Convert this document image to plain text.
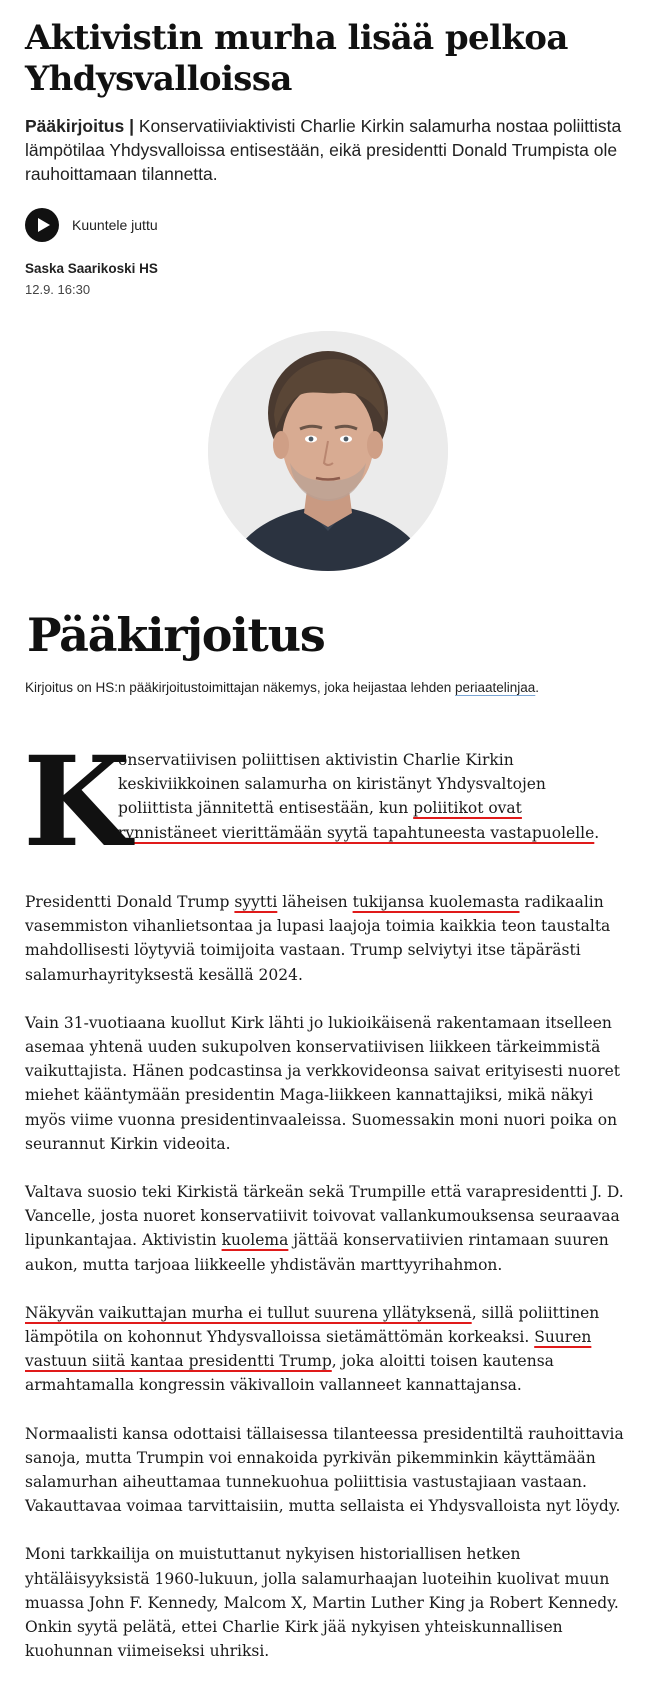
Aktivistin murha lisää pelkoa Yhdysvalloissa

Pääkirjoitus | Konservatiiviaktivisti Charlie Kirkin salamurha nostaa poliittista lämpötilaa Yhdysvalloissa entisestään, eikä presidentti Donald Trumpista ole rauhoittamaan tilannetta.

Kuuntele juttu
Saska Saarikoski HS
12.9. 16:30
Pääkirjoitus

Kirjoitus on HS:n pääkirjoitustoimittajan näkemys, joka heijastaa lehden periaatelinjaa.

K
onservatiivisen poliittisen aktivistin Charlie Kirkin keskiviikkoinen salamurha on kiristänyt Yhdysvaltojen poliittista jännitettä entisestään, kun poliitikot ovat rynnistäneet vierittämään syytä tapahtuneesta vastapuolelle.

Presidentti Donald Trump syytti läheisen tukijansa kuolemasta radikaalin vasemmiston vihanlietsontaa ja lupasi laajoja toimia kaikkia teon taustalta mahdollisesti löytyviä toimijoita vastaan. Trump selviytyi itse täpärästi salamurhayrityksestä kesällä 2024.

Vain 31-vuotiaana kuollut Kirk lähti jo lukioikäisenä rakentamaan itselleen asemaa yhtenä uuden sukupolven konservatiivisen liikkeen tärkeimmistä vaikuttajista. Hänen podcastinsa ja verkkovideonsa saivat erityisesti nuoret miehet kääntymään presidentin Maga-liikkeen kannattajiksi, mikä näkyi myös viime vuonna presidentinvaaleissa. Suomessakin moni nuori poika on seurannut Kirkin videoita.

Valtava suosio teki Kirkistä tärkeän sekä Trumpille että varapresidentti J. D. Vancelle, josta nuoret konservatiivit toivovat vallankumouksensa seuraavaa lipunkantajaa. Aktivistin kuolema jättää konservatiivien rintamaan suuren aukon, mutta tarjoaa liikkeelle yhdistävän marttyyrihahmon.

Näkyvän vaikuttajan murha ei tullut suurena yllätyksenä, sillä poliittinen lämpötila on kohonnut Yhdysvalloissa sietämättömän korkeaksi. Suuren vastuun siitä kantaa presidentti Trump, joka aloitti toisen kautensa armahtamalla kongressin väkivalloin vallanneet kannattajansa.

Normaalisti kansa odottaisi tällaisessa tilanteessa presidentiltä rauhoittavia sanoja, mutta Trumpin voi ennakoida pyrkivän pikemminkin käyttämään salamurhan aiheuttamaa tunnekuohua poliittisia vastustajiaan vastaan. Vakauttavaa voimaa tarvittaisiin, mutta sellaista ei Yhdysvalloista nyt löydy.

Moni tarkkailija on muistuttanut nykyisen historiallisen hetken yhtäläisyyksistä 1960-lukuun, jolla salamurhaajan luoteihin kuolivat muun muassa John F. Kennedy, Malcom X, Martin Luther King ja Robert Kennedy. Onkin syytä pelätä, ettei Charlie Kirk jää nykyisen yhteiskunnallisen kuohunnan viimeiseksi uhriksi.
